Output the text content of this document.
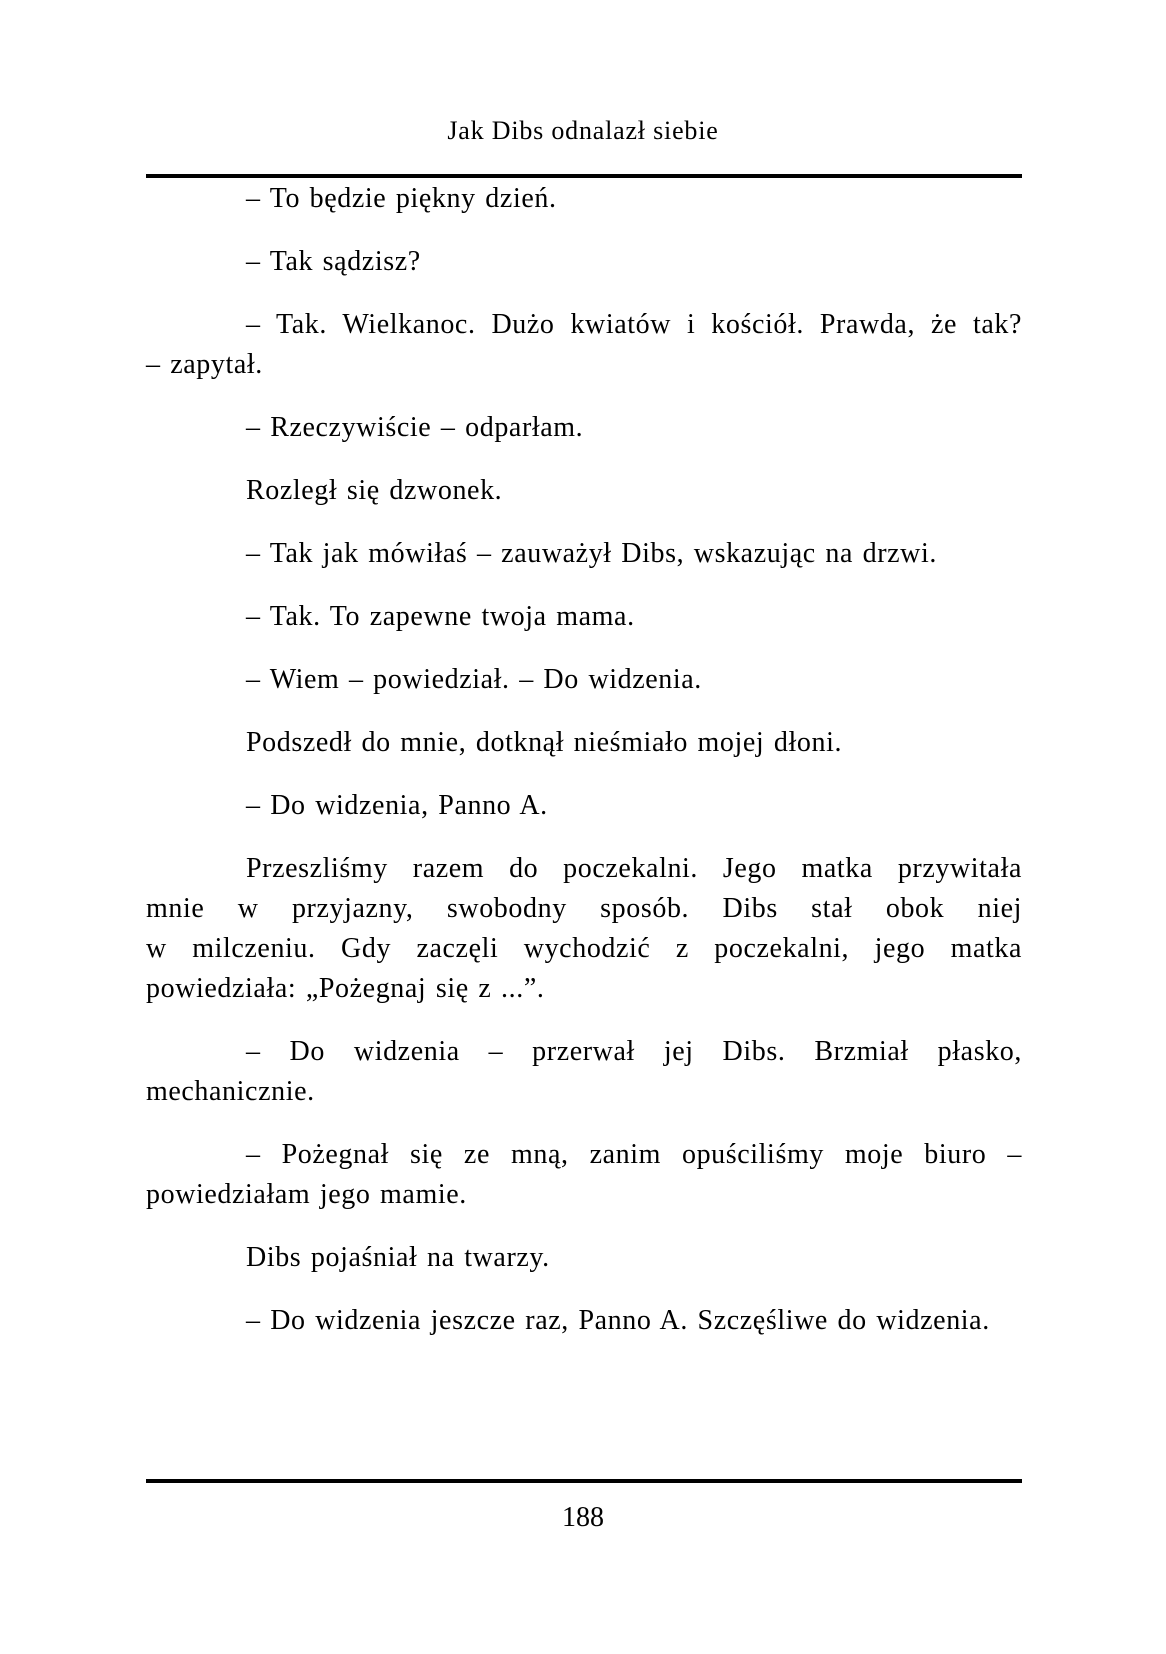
Jak Dibs odnalazł siebie

– To będzie piękny dzień.

– Tak sądzisz?

– Tak. Wielkanoc. Dużo kwiatów i kościół. Prawda, że tak?
– zapytał.

– Rzeczywiście – odparłam.

Rozległ się dzwonek.

– Tak jak mówiłaś – zauważył Dibs, wskazując na drzwi.

– Tak. To zapewne twoja mama.

– Wiem – powiedział. – Do widzenia.

Podszedł do mnie, dotknął nieśmiało mojej dłoni.

– Do widzenia, Panno A.

Przeszliśmy razem do poczekalni. Jego matka przywitała
mnie w przyjazny, swobodny sposób. Dibs stał obok niej
w milczeniu. Gdy zaczęli wychodzić z poczekalni, jego matka
powiedziała: „Pożegnaj się z ...”.

– Do widzenia – przerwał jej Dibs. Brzmiał płasko,
mechanicznie.

– Pożegnał się ze mną, zanim opuściliśmy moje biuro –
powiedziałam jego mamie.

Dibs pojaśniał na twarzy.

– Do widzenia jeszcze raz, Panno A. Szczęśliwe do widzenia.

188
